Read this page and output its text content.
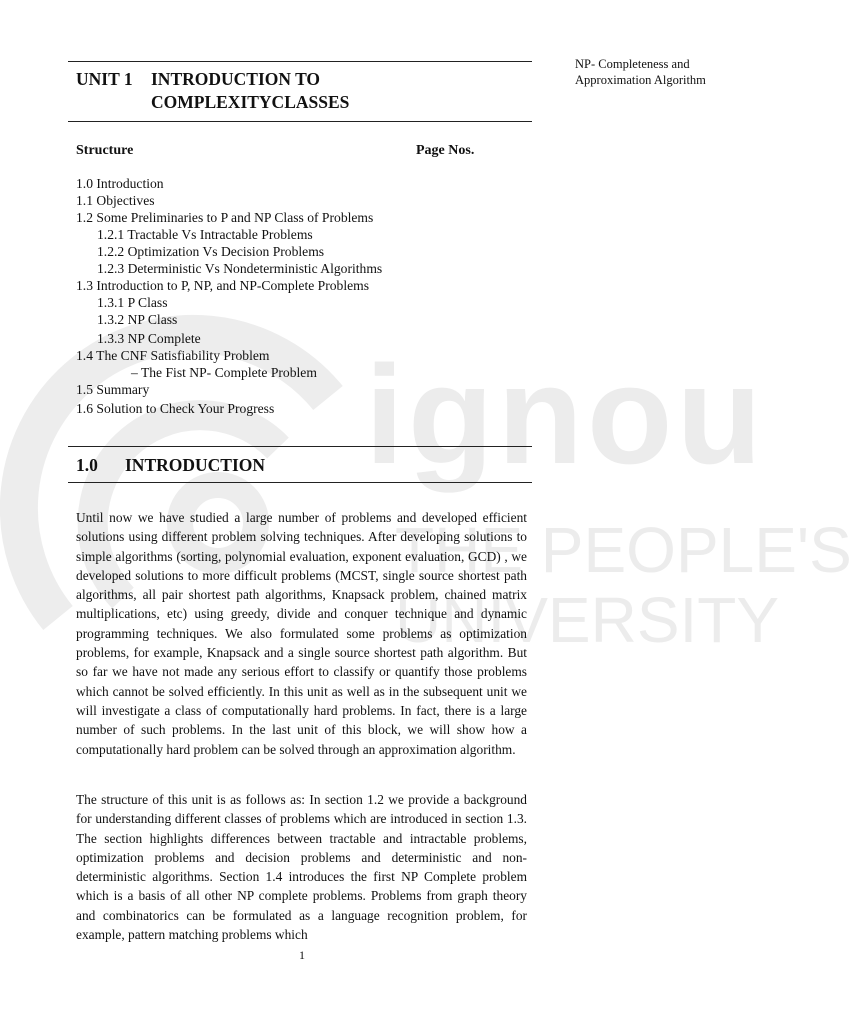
ignou
THE PEOPLE'S
UNIVERSITY
NP- Completeness and
Approximation Algorithm
UNIT 1 INTRODUCTION TO
COMPLEXITYCLASSES
Structure	Page Nos.
1.0 Introduction
1.1 Objectives
1.2 Some Preliminaries to P and NP Class of Problems
1.2.1 Tractable Vs Intractable Problems
1.2.2 Optimization Vs Decision Problems
1.2.3 Deterministic Vs Nondeterministic Algorithms
1.3 Introduction to P, NP, and NP-Complete Problems
1.3.1 P Class
1.3.2 NP Class
1.3.3 NP Complete
1.4 The CNF Satisfiability Problem
– The Fist NP- Complete Problem
1.5 Summary
1.6 Solution to Check Your Progress
1.0 INTRODUCTION

Until now we have studied a large number of problems and developed efficient solutions using different problem solving techniques. After developing solutions to simple algorithms (sorting, polynomial evaluation, exponent evaluation, GCD) , we developed solutions to more difficult problems (MCST, single source shortest path algorithms, all pair shortest path algorithms, Knapsack problem, chained matrix multiplications, etc) using greedy, divide and conquer technique and dynamic programming techniques. We also formulated some problems as optimization problems, for example, Knapsack and a single source shortest path algorithm. But so far we have not made any serious effort to classify or quantify those problems which cannot be solved efficiently. In this unit as well as in the subsequent unit we will investigate a class of computationally hard problems. In fact, there is a large number of such problems. In the last unit of this block, we will show how a computationally hard problem can be solved through an approximation algorithm.

The structure of this unit is as follows as: In section 1.2 we provide a background for understanding different classes of problems which are introduced in section 1.3. The section highlights differences between tractable and intractable problems, optimization problems and decision problems and deterministic and non-deterministic algorithms. Section 1.4 introduces the first NP Complete problem which is a basis of all other NP complete problems. Problems from graph theory and combinatorics can be formulated as a language recognition problem, for example, pattern matching problems which

1
